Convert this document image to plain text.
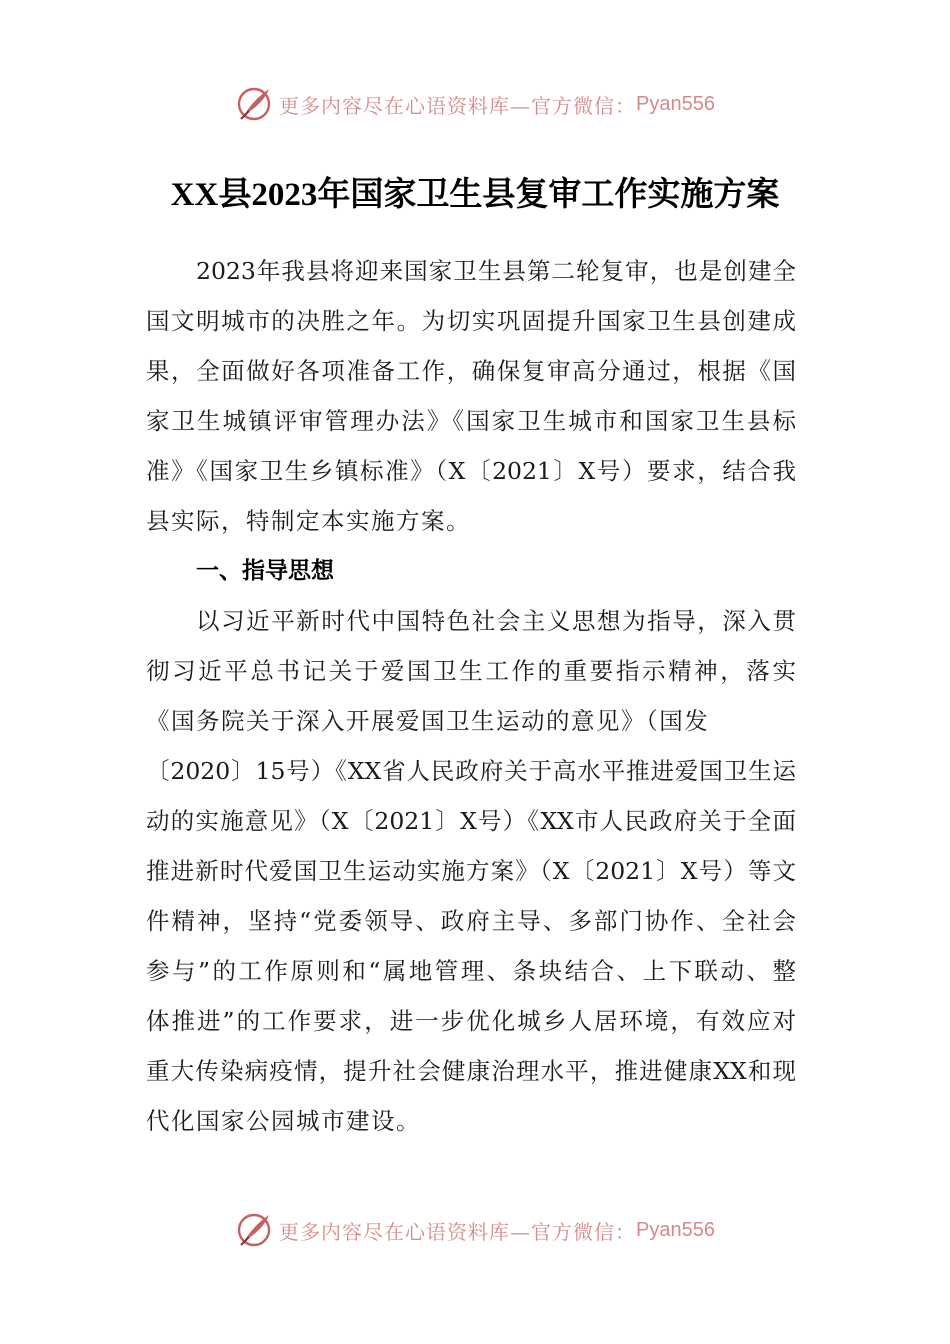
更多内容尽在心语资料库—官方微信： Pyan556
XX县2023年国家卫生县复审工作实施方案
2023年我县将迎来国家卫生县第二轮复审，也是创建全
国文明城市的决胜之年。为切实巩固提升国家卫生县创建成
果，全面做好各项准备工作，确保复审高分通过，根据《国
家卫生城镇评审管理办法》《国家卫生城市和国家卫生县标
准》《国家卫生乡镇标准》（X〔2021〕X号）要求，结合我
县实际，特制定本实施方案。
一、指导思想
以习近平新时代中国特色社会主义思想为指导，深入贯
彻习近平总书记关于爱国卫生工作的重要指示精神，落实
《国务院关于深入开展爱国卫生运动的意见》（国发
〔2020〕15号）《XX省人民政府关于高水平推进爱国卫生运
动的实施意见》（X〔2021〕X号）《XX市人民政府关于全面
推进新时代爱国卫生运动实施方案》（X〔2021〕X号）等文
件精神，坚持“党委领导、政府主导、多部门协作、全社会
参与”的工作原则和“属地管理、条块结合、上下联动、整
体推进”的工作要求，进一步优化城乡人居环境，有效应对
重大传染病疫情，提升社会健康治理水平，推进健康XX和现
代化国家公园城市建设。
更多内容尽在心语资料库—官方微信： Pyan556
